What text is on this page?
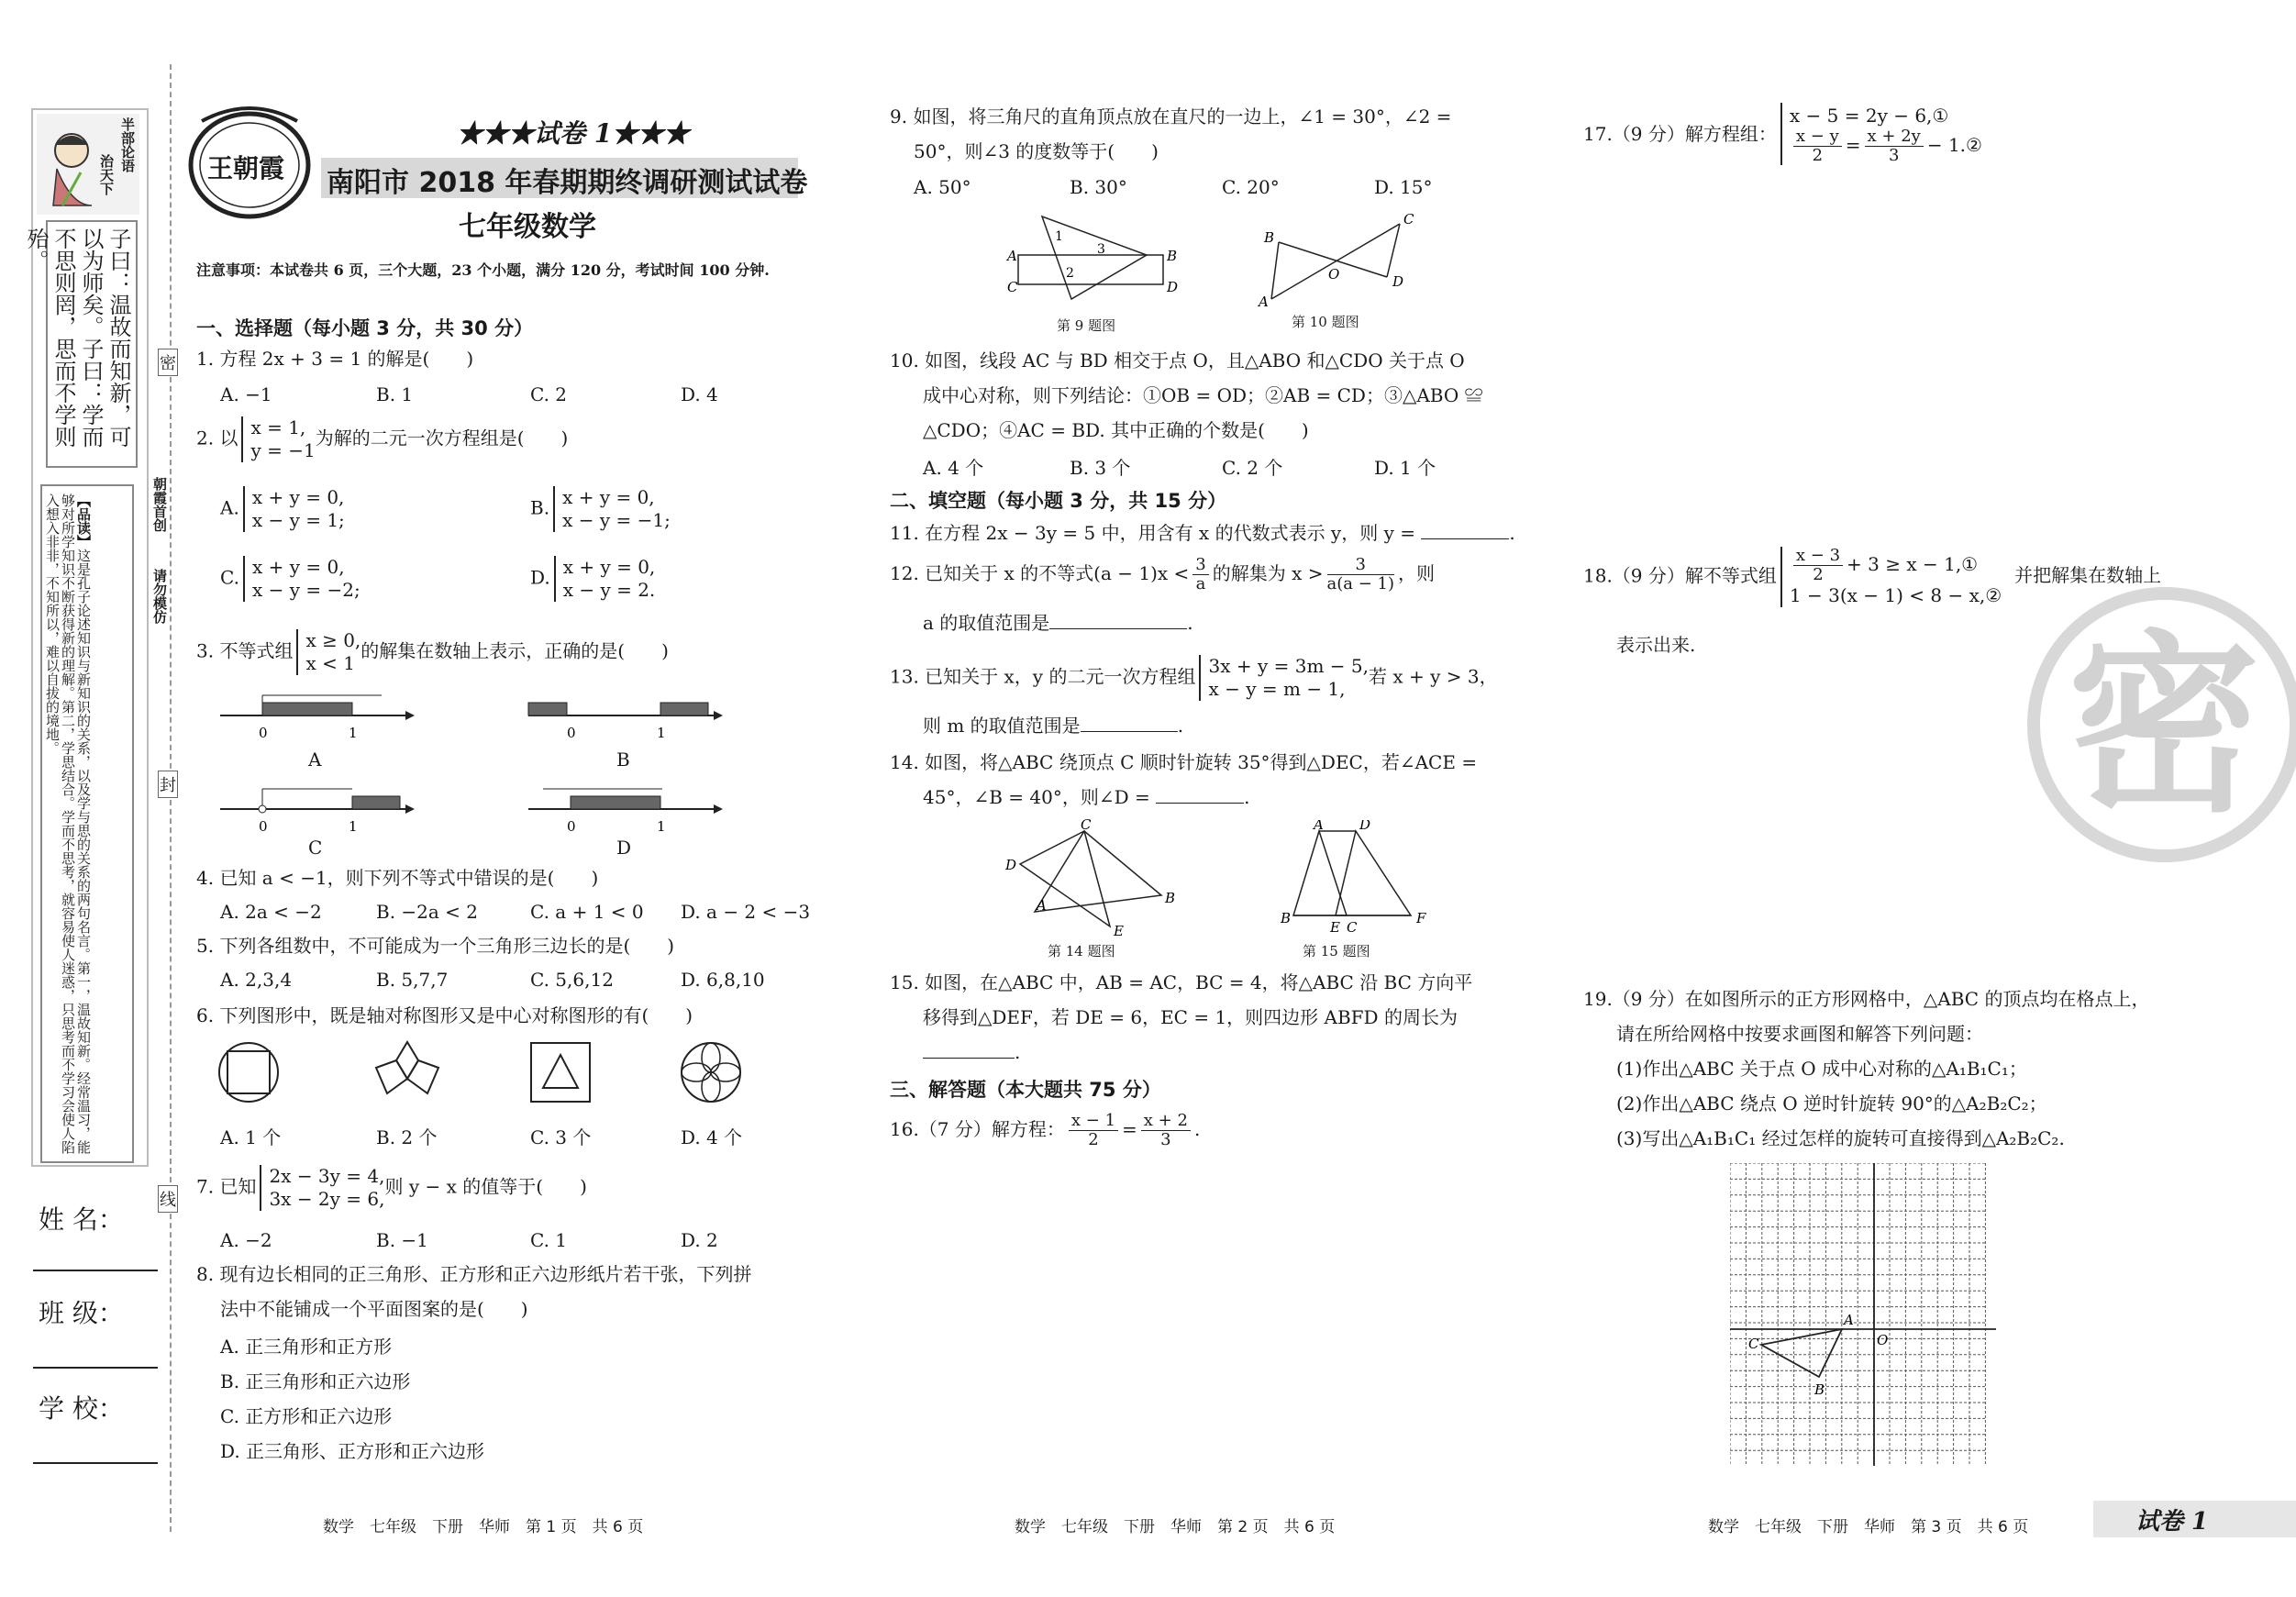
半部论语
治天下
子曰：温故而知新，可以为师矣。子曰：学而不思则罔，思而不学则殆。
【品读】这是孔子论述知识与新知识的关系，以及学与思的关系的两句名言。第一，温故知新。经常温习，能够对所学知识不断获得新的理解。第二，学思结合。学而不思考，就容易使人迷惑，只思考而不学习会使人陷入想入非非，不知所以，难以自拔的境地。
密
封
线
朝霞首创
请勿模仿
姓 名：
班 级：
学 校：
王朝霞
★★★试卷 1★★★
南阳市 2018 年春期期终调研测试试卷
七年级数学
注意事项：本试卷共 6 页，三个大题，23 个小题，满分 120 分，考试时间 100 分钟.
一、选择题（每小题 3 分，共 30 分）
1. 方程 2x + 3 = 1 的解是(　　)
A. −1	B. 1	C. 2	D. 4
2. 以 x = 1,
y = −1为解的二元一次方程组是(　　)
A. x + y = 0,
x − y = 1;
B. x + y = 0,
x − y = −1;
C. x + y = 0,
x − y = −2;
D. x + y = 0,
x − y = 2.
3. 不等式组 x ≥ 0,
x < 1的解集在数轴上表示，正确的是(　　)
0	1
A
0	1
B
0	1
C
0	1
D
4. 已知 a < −1，则下列不等式中错误的是(　　)
A. 2a < −2	B. −2a < 2	C. a + 1 < 0 D. a − 2 < −3
5. 下列各组数中，不可能成为一个三角形三边长的是(　　)
A. 2,3,4	B. 5,7,7	C. 5,6,12	D. 6,8,10
6. 下列图形中，既是轴对称图形又是中心对称图形的有(　　)
A. 1 个	B. 2 个	C. 3 个	D. 4 个
7. 已知 2x − 3y = 4,
3x − 2y = 6,则 y − x 的值等于(　　)
A. −2	B. −1	C. 1	D. 2
8. 现有边长相同的正三角形、正方形和正六边形纸片若干张，下列拼
法中不能铺成一个平面图案的是(　　)
A. 正三角形和正方形
B. 正三角形和正六边形
C. 正方形和正六边形
D. 正三角形、正方形和正六边形
数学　七年级　下册　华师　第 1 页　共 6 页
9. 如图，将三角尺的直角顶点放在直尺的一边上，∠1 = 30°，∠2 =
50°，则∠3 的度数等于(　　)
A. 50°	B. 30°	C. 20°	D. 15°
A	B
C	D
1
2
3
第 9 题图
A
B
C
D
O
第 10 题图
10. 如图，线段 AC 与 BD 相交于点 O，且△ABO 和△CDO 关于点 O
成中心对称，则下列结论：①OB = OD；②AB = CD；③△ABO ≌
△CDO；④AC = BD. 其中正确的个数是(　　)
A. 4 个	B. 3 个	C. 2 个	D. 1 个
二、填空题（每小题 3 分，共 15 分）
11. 在方程 2x − 3y = 5 中，用含有 x 的代数式表示 y，则 y =	.
12. 已知关于 x 的不等式$(a - 1)x < \frac{3}{a}$ 的解集为 $x > \frac{3}{a(a - 1)}$ ，则
a 的取值范围是	.
13. 已知关于 x，y 的二元一次方程组 3x + y = 3m − 5,
x − y = m − 1,若 x + y > 3，
则 m 的取值范围是	.
14. 如图，将△ABC 绕顶点 C 顺时针旋转 35°得到△DEC，若∠ACE =
45°，∠B = 40°，则∠D =	.
C
D
A	B
E
第 14 题图
A	D
B
E C
F
第 15 题图
15. 如图，在△ABC 中，AB = AC，BC = 4，将△ABC 沿 BC 方向平
移得到△DEF，若 DE = 6，EC = 1，则四边形 ABFD 的周长为
.
三、解答题（本大题共 75 分）
16.（7 分）解方程： $\frac{x - 1}{2} = \frac{x + 2}{3}$ .
数学　七年级　下册　华师　第 2 页　共 6 页
17.（9 分）解方程组：x − 5 = 2y − 6,①

$\frac{x - y}{2} = \frac{x + 2y}{3}$ − 1.②
18.（9 分）解不等式组 $\frac{x - 3}{2} + 3 \ge x$ − 1,①
1 − 3(x − 1) < 8 − x,②并把解集在数轴上
表示出来. 密
19.（9 分）在如图所示的正方形网格中，△ABC 的顶点均在格点上，
请在所给网格中按要求画图和解答下列问题：
(1)作出△ABC 关于点 O 成中心对称的△A₁B₁C₁；
(2)作出△ABC 绕点 O 逆时针旋转 90°的△A₂B₂C₂；
(3)写出△A₁B₁C₁ 经过怎样的旋转可直接得到△A₂B₂C₂.
A
B
C	O
数学　七年级　下册　华师　第 3 页　共 6 页	试卷 1
